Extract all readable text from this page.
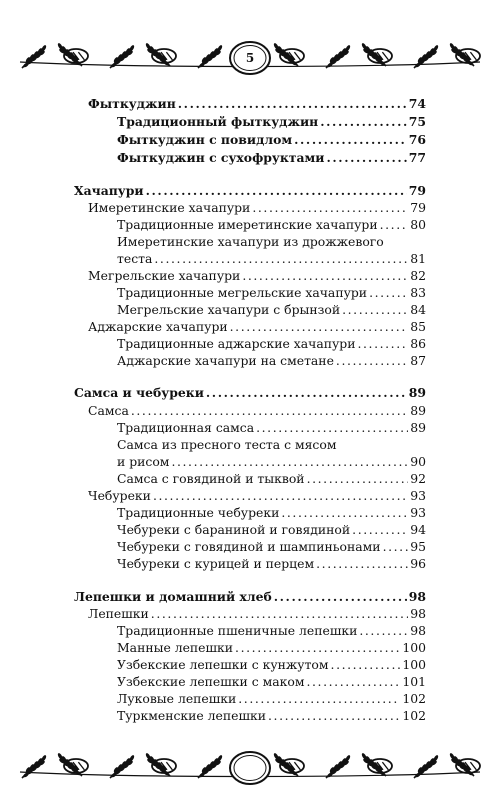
5
Фыткуджин .....	74
Традиционный фыткуджин .....	75
Фыткуджин с повидлом .....	76
Фыткуджин с сухофруктами .....	77
Хачапури .....	79
Имеретинские хачапури .....	79
Традиционные имеретинские хачапури .....	80
Имеретинские хачапури из дрожжевого
теста .....	81
Мегрельские хачапури .....	82
Традиционные мегрельские хачапури .....	83
Мегрельские хачапури с брынзой .....	84
Аджарские хачапури .....	85
Традиционные аджарские хачапури .....	86
Аджарские хачапури на сметане .....	87
Самса и чебуреки .....	89
Самса .....	89
Традиционная самса .....	89
Самса из пресного теста с мясом
и рисом .....	90
Самса с говядиной и тыквой .....	92
Чебуреки .....	93
Традиционные чебуреки .....	93
Чебуреки с бараниной и говядиной .....	94
Чебуреки с говядиной и шампиньонами ..... 95
Чебуреки с курицей и перцем .....	96
Лепешки и домашний хлеб .....	98
Лепешки .....	98
Традиционные пшеничные лепешки .....	98
Манные лепешки .....	100
Узбекские лепешки с кунжутом .....	100
Узбекские лепешки с маком .....	101
Луковые лепешки .....	102
Туркменские лепешки .....	102
